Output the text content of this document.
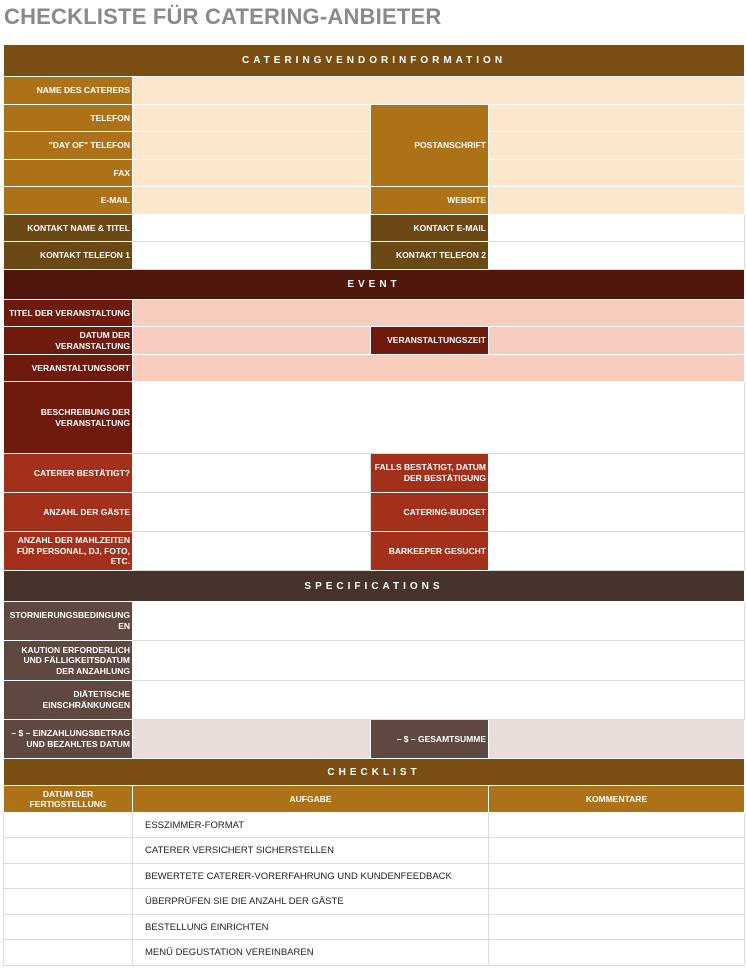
CHECKLISTE FÜR CATERING-ANBIETER
CATERINGVENDORINFORMATION			
NAME DES CATERERS			
TELEFON		POSTANSCHRIFT	
"DAY OF" TELEFON			
FAX			
E-MAIL		WEBSITE	
KONTAKT NAME & TITEL		KONTAKT E-MAIL	
KONTAKT TELEFON 1		KONTAKT TELEFON 2	
EVENT			
TITEL DER VERANSTALTUNG			
DATUM DER VERANSTALTUNG		VERANSTALTUNGSZEIT	
VERANSTALTUNGSORT			
BESCHREIBUNG DER VERANSTALTUNG			
CATERER BESTÄTIGT?		FALLS BESTÄTIGT, DATUM DER BESTÄTIGUNG	
ANZAHL DER GÄSTE		CATERING-BUDGET	
ANZAHL DER MAHLZEITEN FÜR PERSONAL, DJ, FOTO, ETC.		BARKEEPER GESUCHT	
SPECIFICATIONS			
STORNIERUNGSBEDINGUNGEN			
KAUTION ERFORDERLICH UND FÄLLIGKEITSDATUM DER ANZAHLUNG			
DIÄTETISCHE EINSCHRÄNKUNGEN			
– $ – EINZAHLUNGSBETRAG UND BEZAHLTES DATUM		– $ – GESAMTSUMME	
CHECKLIST			
DATUM DER FERTIGSTELLUNG	AUFGABE		KOMMENTARE
	ESSZIMMER-FORMAT		
	CATERER VERSICHERT SICHERSTELLEN		
	BEWERTETE CATERER-VORERFAHRUNG UND KUNDENFEEDBACK		
	ÜBERPRÜFEN SIE DIE ANZAHL DER GÄSTE		
	BESTELLUNG EINRICHTEN		
	MENÜ DEGUSTATION VEREINBAREN		
